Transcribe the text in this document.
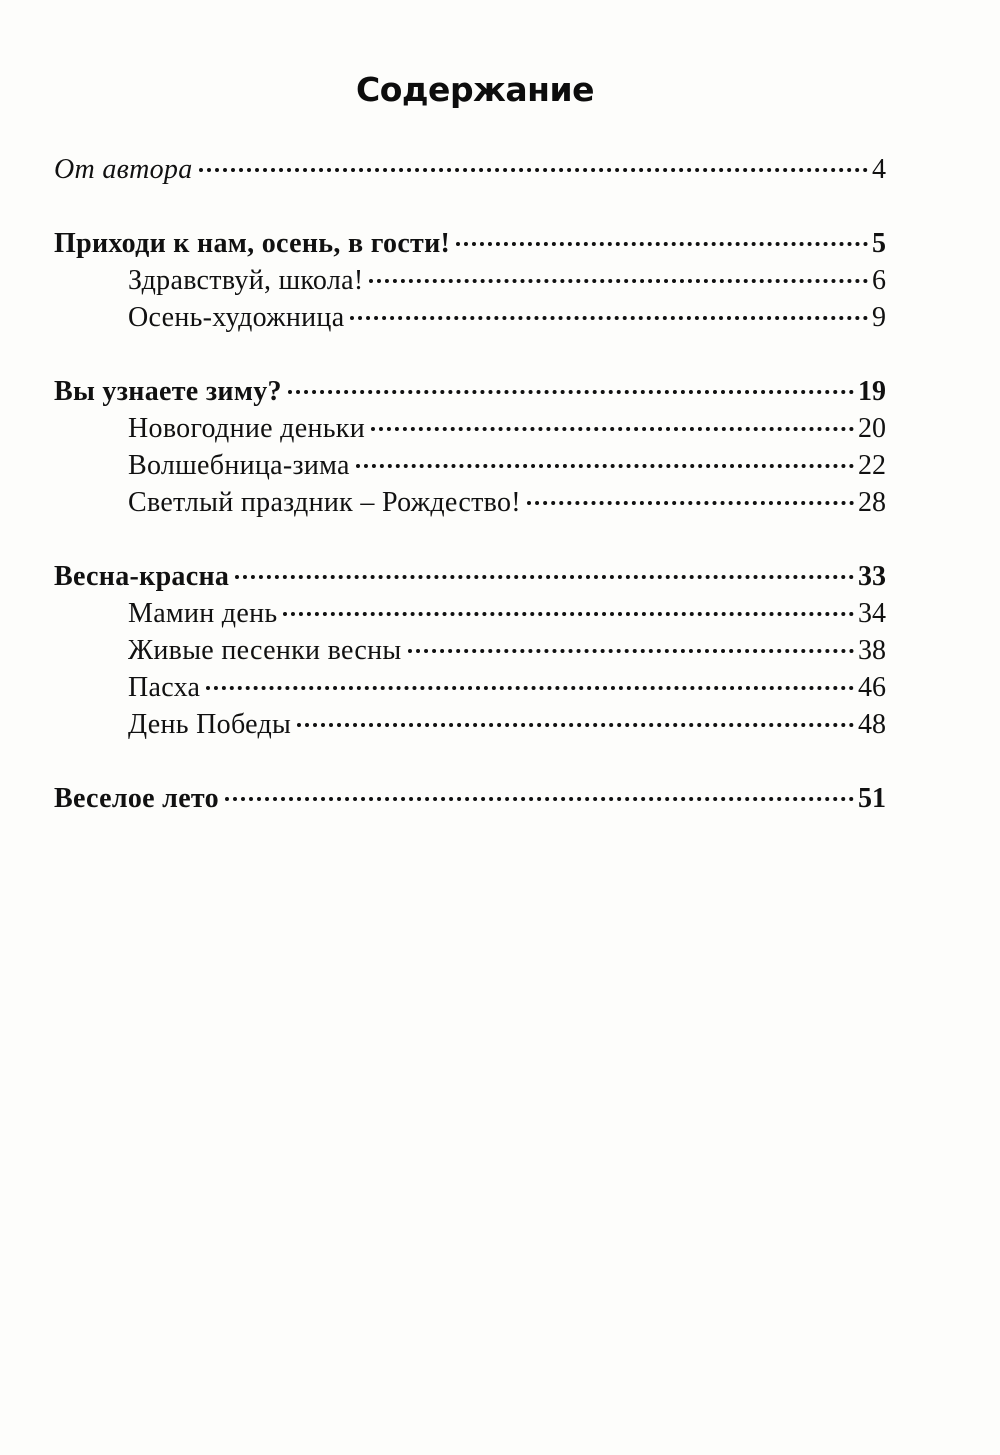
Содержание
От автора	4
Приходи к нам, осень, в гости!	5
Здравствуй, школа!	6
Осень-художница	9
Вы узнаете зиму?	19
Новогодние деньки	20
Волшебница-зима	22
Светлый праздник – Рождество!	28
Весна-красна	33
Мамин день	34
Живые песенки весны	38
Пасха	46
День Победы	48
Веселое лето	51
